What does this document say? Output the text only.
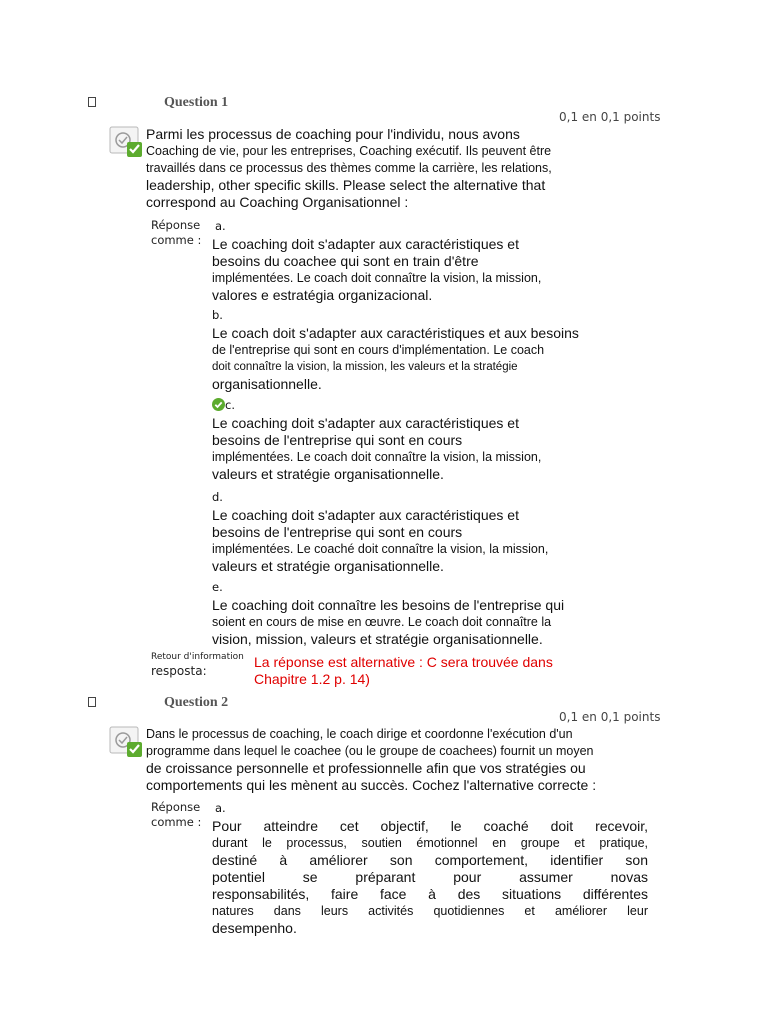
Question 1
0,1 en 0,1 points
Parmi les processus de coaching pour l'individu, nous avons
Coaching de vie, pour les entreprises, Coaching exécutif. Ils peuvent être
travaillés dans ce processus des thèmes comme la carrière, les relations,
leadership, other specific skills. Please select the alternative that
correspond au Coaching Organisationnel :
Réponse
comme :
a.
Le coaching doit s'adapter aux caractéristiques et
besoins du coachee qui sont en train d'être
implémentées. Le coach doit connaître la vision, la mission,
valores e estratégia organizacional.
b.
Le coach doit s'adapter aux caractéristiques et aux besoins
de l'entreprise qui sont en cours d'implémentation. Le coach
doit connaître la vision, la mission, les valeurs et la stratégie
organisationnelle.
c.
Le coaching doit s'adapter aux caractéristiques et
besoins de l'entreprise qui sont en cours
implémentées. Le coach doit connaître la vision, la mission,
valeurs et stratégie organisationnelle.
d.
Le coaching doit s'adapter aux caractéristiques et
besoins de l'entreprise qui sont en cours
implémentées. Le coaché doit connaître la vision, la mission,
valeurs et stratégie organisationnelle.
e.
Le coaching doit connaître les besoins de l'entreprise qui
soient en cours de mise en œuvre. Le coach doit connaître la
vision, mission, valeurs et stratégie organisationnelle.
Retour d'information
resposta:
La réponse est alternative : C sera trouvée dans
Chapitre 1.2 p. 14)
Question 2
0,1 en 0,1 points
Dans le processus de coaching, le coach dirige et coordonne l'exécution d'un
programme dans lequel le coachee (ou le groupe de coachees) fournit un moyen
de croissance personnelle et professionnelle afin que vos stratégies ou
comportements qui les mènent au succès. Cochez l'alternative correcte :
Réponse
comme :
a.
Pour atteindre cet objectif, le coaché doit recevoir,
durant le processus, soutien émotionnel en groupe et pratique,
destiné à améliorer son comportement, identifier son
potentiel se préparant pour assumer novas
responsabilités, faire face à des situations différentes
natures dans leurs activités quotidiennes et améliorer leur
desempenho.
